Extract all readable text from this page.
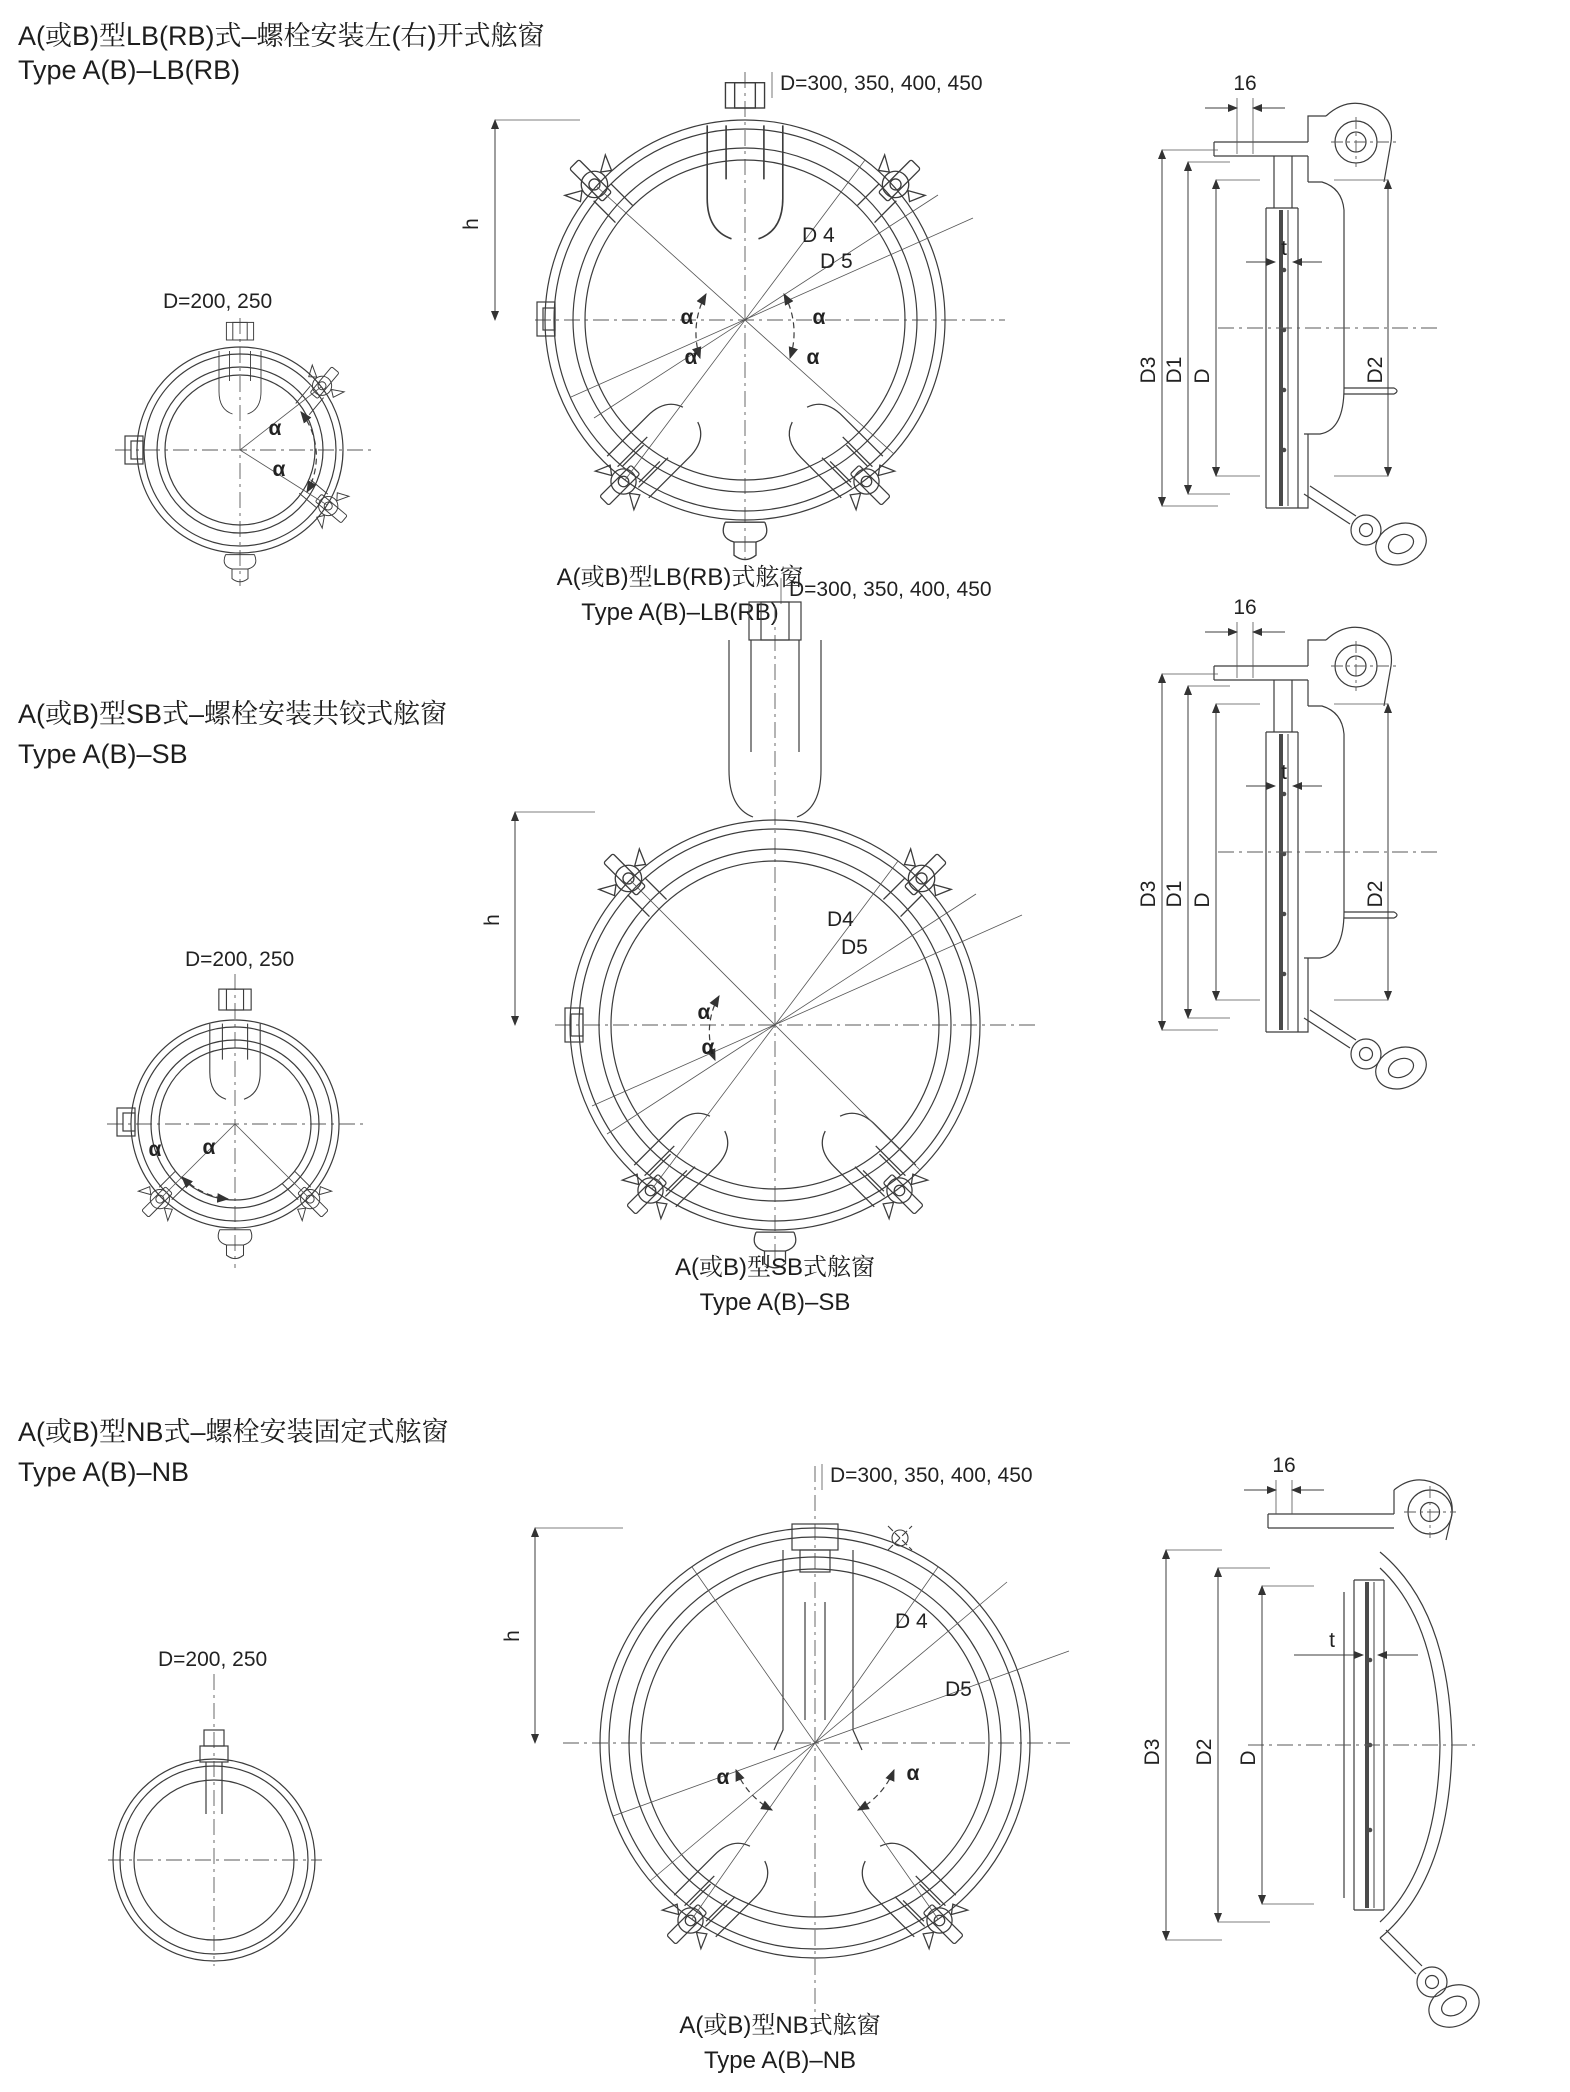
A(或B)型LB(RB)式–螺栓安装左(右)开式舷窗
Type A(B)–LB(RB)
D=200, 250
α
α
D=300, 350, 400, 450
D 4
D 5
α	α
α	α
h
16
t
D3 D1 D	D2
A(或B)型LB(RB)式舷窗
Type A(B)–LB(RB)
A(或B)型SB式–螺栓安装共铰式舷窗
Type A(B)–SB
D=200, 250
α α
D=300, 350, 400, 450
D4
D5
α
α
h
16
t
D3 D1 D	D2
A(或B)型SB式舷窗
Type A(B)–SB
A(或B)型NB式–螺栓安装固定式舷窗
Type A(B)–NB
D=200, 250
D=300, 350, 400, 450
D 4
D5
α	α
h
16
t
D3 D2 D
A(或B)型NB式舷窗
Type A(B)–NB
